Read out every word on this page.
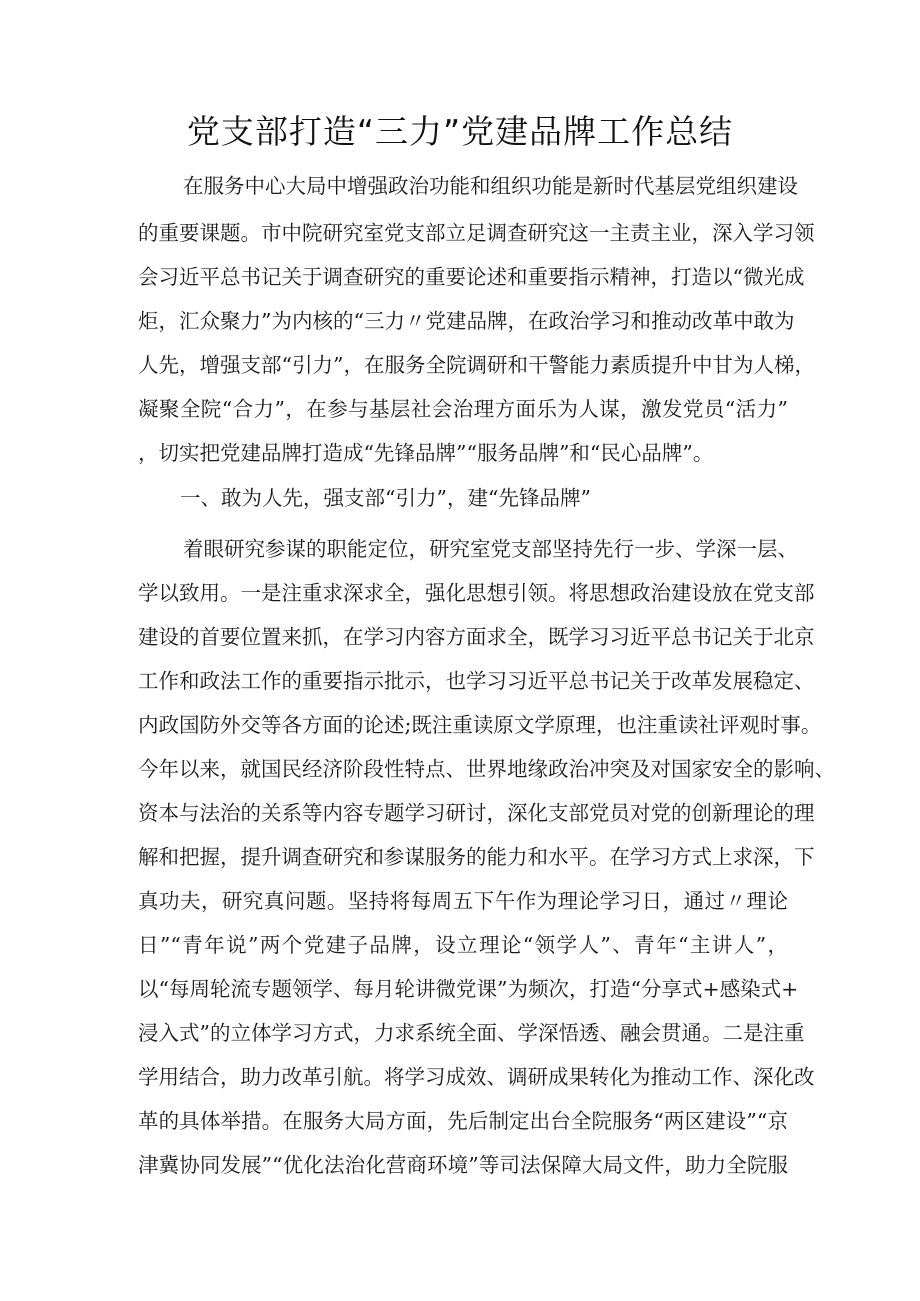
党支部打造“三力”党建品牌工作总结
在服务中心大局中增强政治功能和组织功能是新时代基层党组织建设
的重要课题。市中院研究室党支部立足调查研究这一主责主业，深入学习领
会习近平总书记关于调查研究的重要论述和重要指示精神，打造以“微光成
炬，汇众聚力”为内核的“三力〃党建品牌，在政治学习和推动改革中敢为
人先，增强支部“引力”，在服务全院调研和干警能力素质提升中甘为人梯，
凝聚全院“合力”，在参与基层社会治理方面乐为人谋，激发党员“活力”
，切实把党建品牌打造成“先锋品牌”“服务品牌”和“民心品牌”。
一、敢为人先，强支部“引力”，建“先锋品牌”
着眼研究参谋的职能定位，研究室党支部坚持先行一步、学深一层、
学以致用。一是注重求深求全，强化思想引领。将思想政治建设放在党支部
建设的首要位置来抓，在学习内容方面求全，既学习习近平总书记关于北京
工作和政法工作的重要指示批示，也学习习近平总书记关于改革发展稳定、
内政国防外交等各方面的论述;既注重读原文学原理，也注重读社评观时事。
今年以来，就国民经济阶段性特点、世界地缘政治冲突及对国家安全的影响、
资本与法治的关系等内容专题学习研讨，深化支部党员对党的创新理论的理
解和把握，提升调查研究和参谋服务的能力和水平。在学习方式上求深，下
真功夫，研究真问题。坚持将每周五下午作为理论学习日，通过〃理论
日”“青年说”两个党建子品牌，设立理论“领学人”、青年“主讲人”，
以“每周轮流专题领学、每月轮讲微党课”为频次，打造“分享式+感染式+
浸入式”的立体学习方式，力求系统全面、学深悟透、融会贯通。二是注重
学用结合，助力改革引航。将学习成效、调研成果转化为推动工作、深化改
革的具体举措。在服务大局方面，先后制定出台全院服务“两区建设”“京
津冀协同发展”“优化法治化营商环境”等司法保障大局文件，助力全院服
